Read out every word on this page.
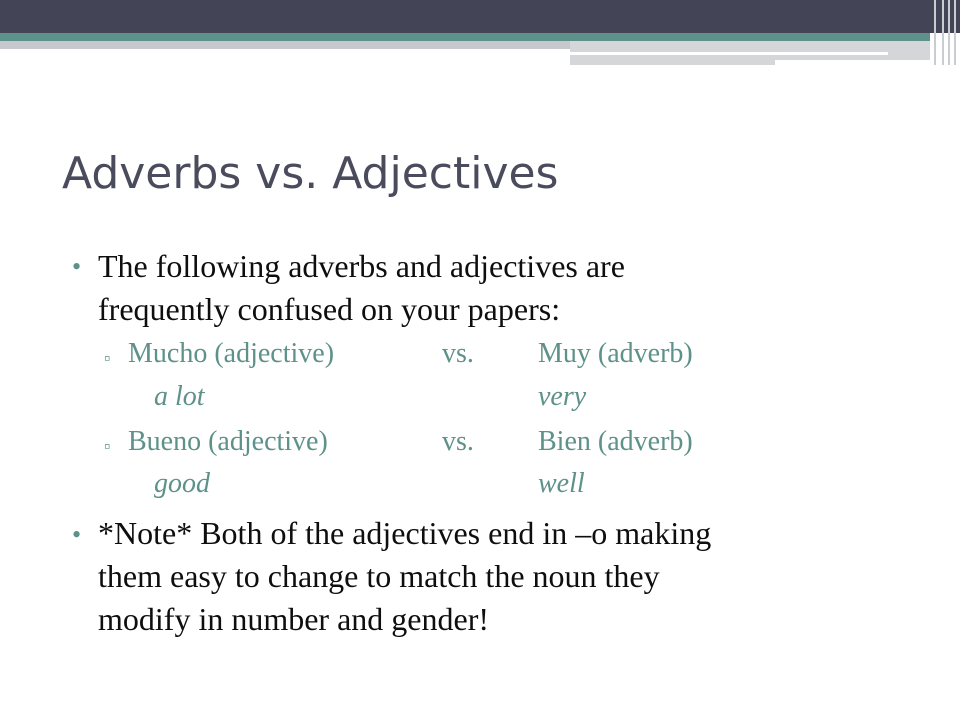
Adverbs vs. Adjectives
• The following adverbs and adjectives are
frequently confused on your papers:
▫ Mucho (adjective)	vs. Muy (adverb)
a lot	very
▫ Bueno (adjective)	vs. Bien (adverb)
good	well
• *Note* Both of the adjectives end in –o making
them easy to change to match the noun they
modify in number and gender!
